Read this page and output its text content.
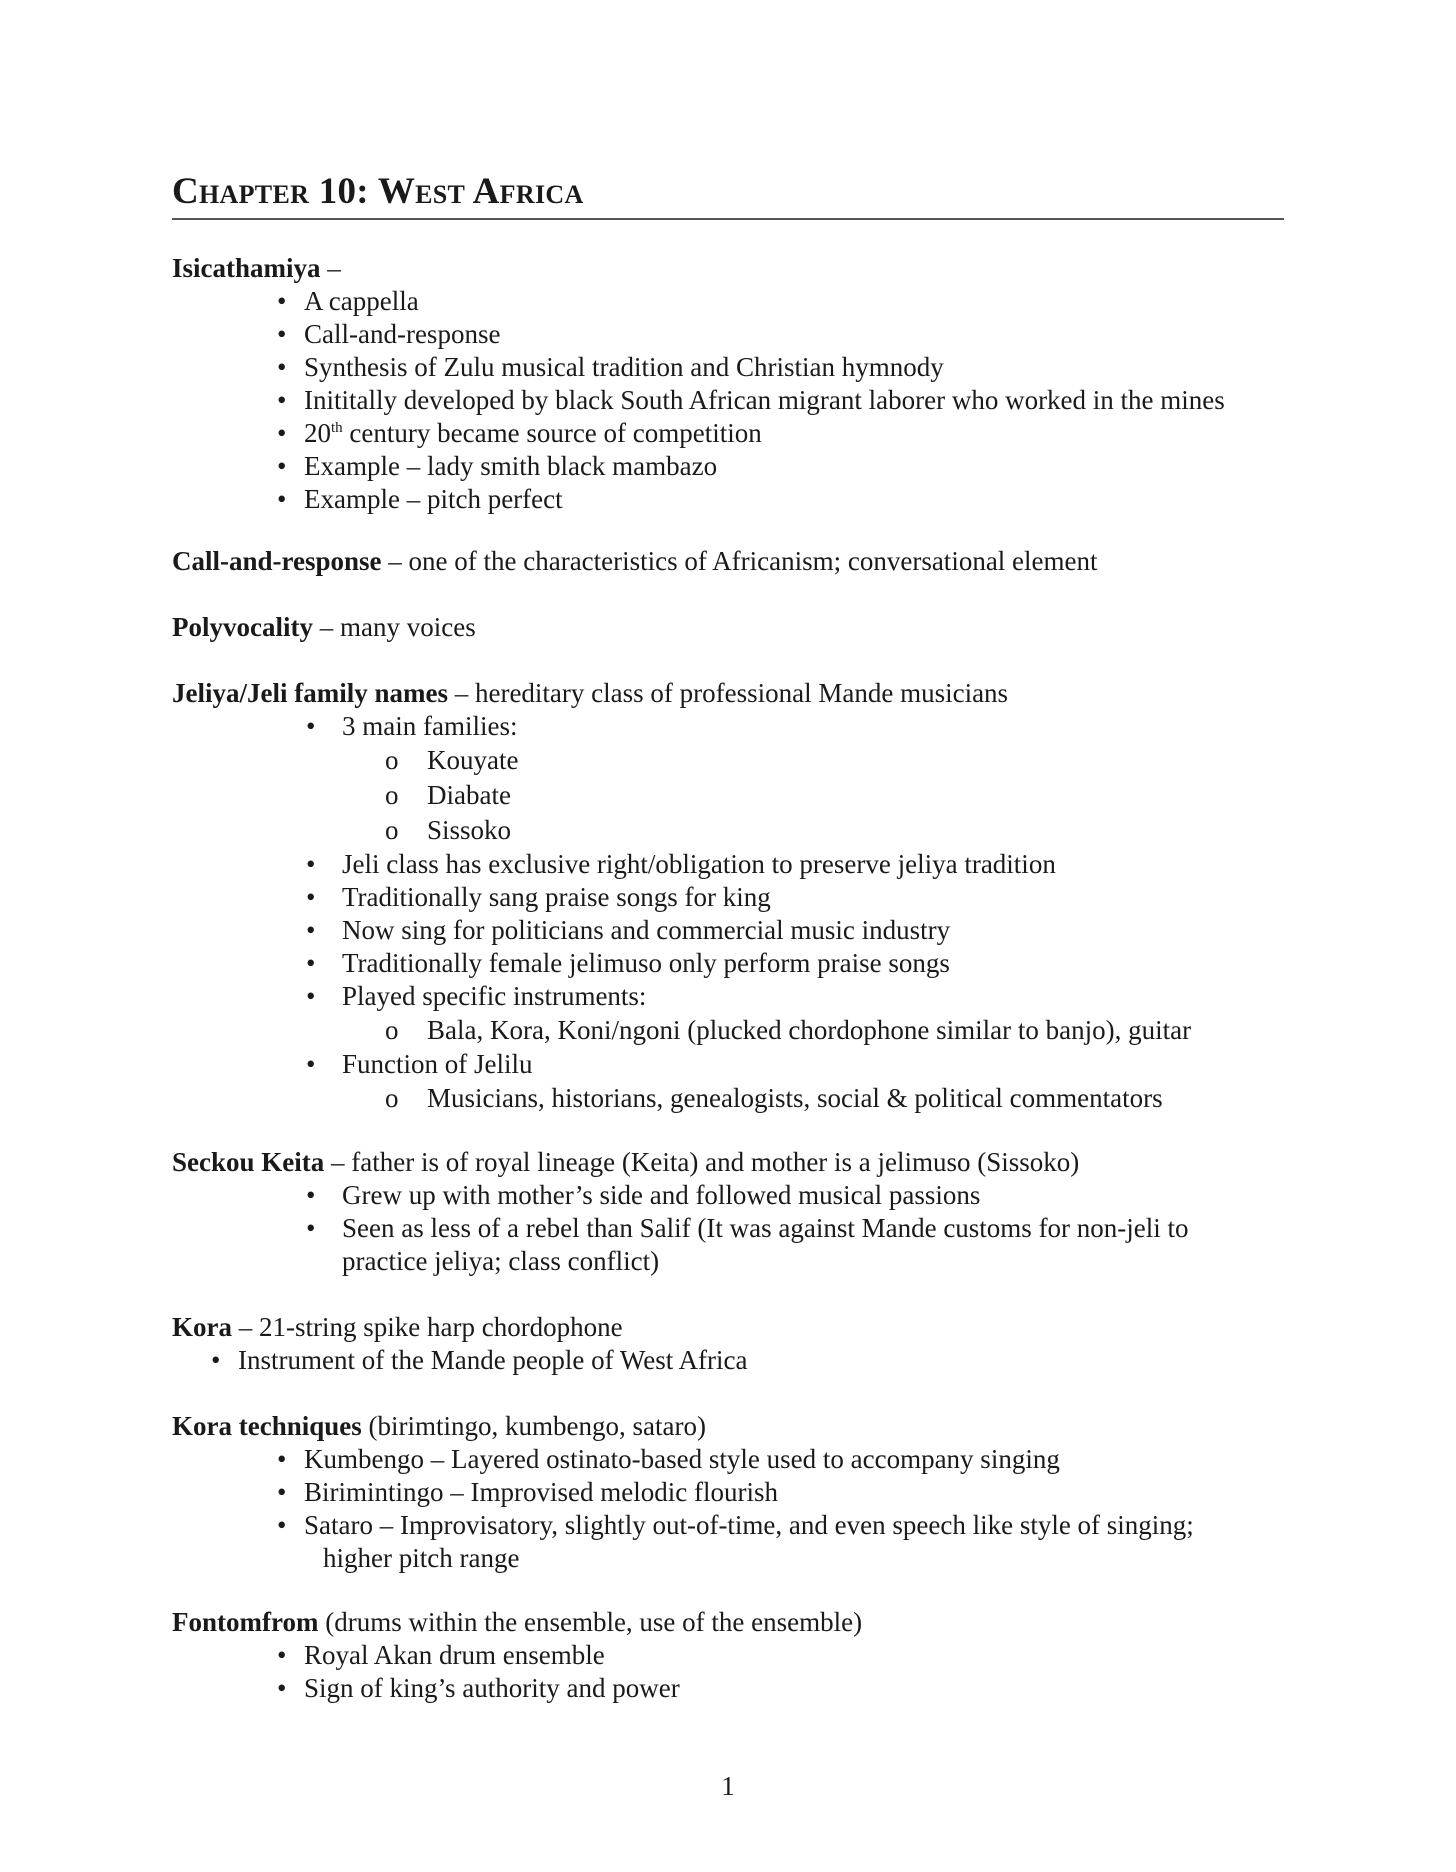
Chapter 10: West Africa
Isicathamiya –
• A cappella
• Call-and-response
• Synthesis of Zulu musical tradition and Christian hymnody
• Inititally developed by black South African migrant laborer who worked in the mines
• 20th century became source of competition
• Example – lady smith black mambazo
• Example – pitch perfect
Call-and-response – one of the characteristics of Africanism; conversational element
Polyvocality – many voices
Jeliya/Jeli family names – hereditary class of professional Mande musicians
• 3 main families:
o Kouyate
o Diabate
o Sissoko
• Jeli class has exclusive right/obligation to preserve jeliya tradition
• Traditionally sang praise songs for king
• Now sing for politicians and commercial music industry
• Traditionally female jelimuso only perform praise songs
• Played specific instruments:
o Bala, Kora, Koni/ngoni (plucked chordophone similar to banjo), guitar
• Function of Jelilu
o Musicians, historians, genealogists, social & political commentators
Seckou Keita – father is of royal lineage (Keita) and mother is a jelimuso (Sissoko)
• Grew up with mother’s side and followed musical passions
• Seen as less of a rebel than Salif (It was against Mande customs for non-jeli to
practice jeliya; class conflict)
Kora – 21-string spike harp chordophone
• Instrument of the Mande people of West Africa
Kora techniques (birimtingo, kumbengo, sataro)
• Kumbengo – Layered ostinato-based style used to accompany singing
• Birimintingo – Improvised melodic flourish
• Sataro – Improvisatory, slightly out-of-time, and even speech like style of singing;
higher pitch range
Fontomfrom (drums within the ensemble, use of the ensemble)
• Royal Akan drum ensemble
• Sign of king’s authority and power
1
